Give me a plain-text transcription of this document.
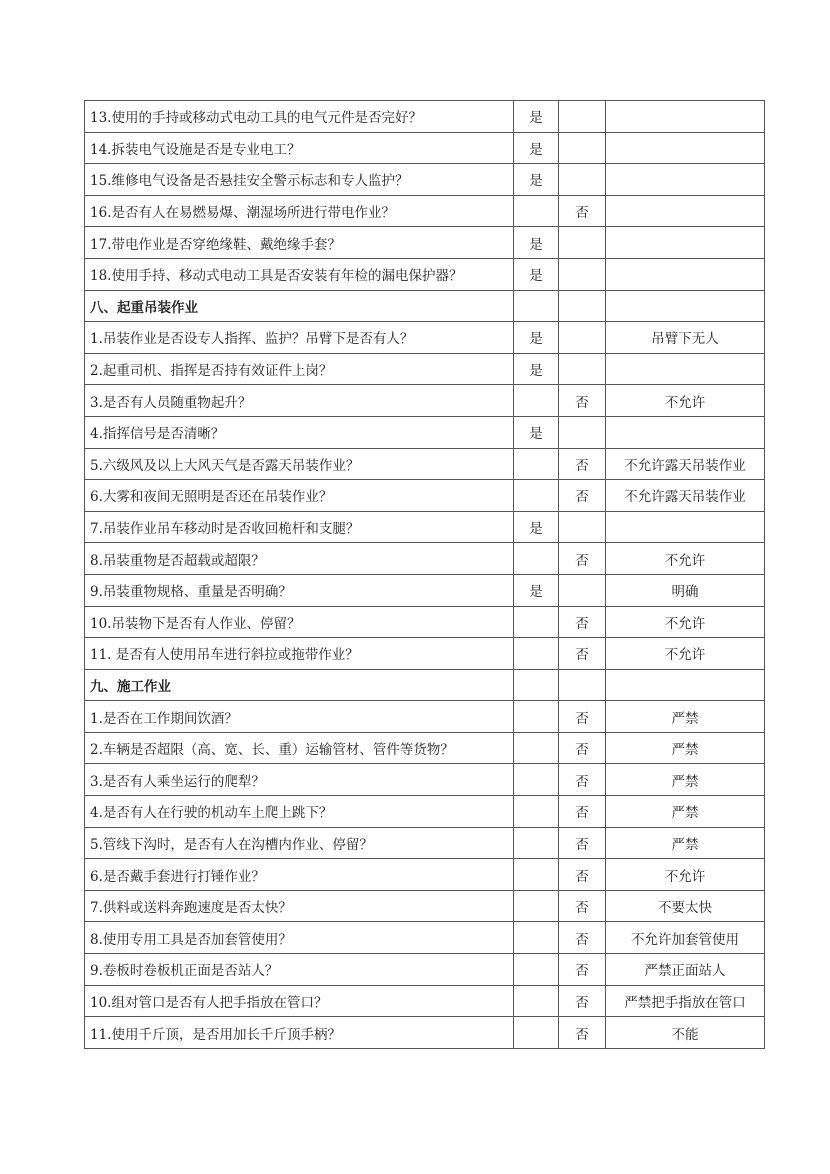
13.使用的手持或移动式电动工具的电气元件是否完好？	是		
14.拆装电气设施是否是专业电工？	是		
15.维修电气设备是否悬挂安全警示标志和专人监护？	是		
16.是否有人在易燃易爆、潮湿场所进行带电作业？		否	
17.带电作业是否穿绝缘鞋、戴绝缘手套？	是		
18.使用手持、移动式电动工具是否安装有年检的漏电保护器？	是		
八、起重吊装作业			
1.吊装作业是否设专人指挥、监护？吊臂下是否有人？	是		吊臂下无人
2.起重司机、指挥是否持有效证件上岗？	是		
3.是否有人员随重物起升？		否	不允许
4.指挥信号是否清晰？	是		
5.六级风及以上大风天气是否露天吊装作业？		否	不允许露天吊装作业
6.大雾和夜间无照明是否还在吊装作业？		否	不允许露天吊装作业
7.吊装作业吊车移动时是否收回桅杆和支腿？	是		
8.吊装重物是否超载或超限？		否	不允许
9.吊装重物规格、重量是否明确？	是		明确
10.吊装物下是否有人作业、停留？		否	不允许
11. 是否有人使用吊车进行斜拉或拖带作业？		否	不允许
九、施工作业			
1.是否在工作期间饮酒？		否	严禁
2.车辆是否超限（高、宽、长、重）运输管材、管件等货物？		否	严禁
3.是否有人乘坐运行的爬犁？		否	严禁
4.是否有人在行驶的机动车上爬上跳下？		否	严禁
5.管线下沟时，是否有人在沟槽内作业、停留？		否	严禁
6.是否戴手套进行打锤作业？		否	不允许
7.供料或送料奔跑速度是否太快？		否	不要太快
8.使用专用工具是否加套管使用？		否	不允许加套管使用
9.卷板时卷板机正面是否站人？		否	严禁正面站人
10.组对管口是否有人把手指放在管口？		否	严禁把手指放在管口
11.使用千斤顶，是否用加长千斤顶手柄？		否	不能
